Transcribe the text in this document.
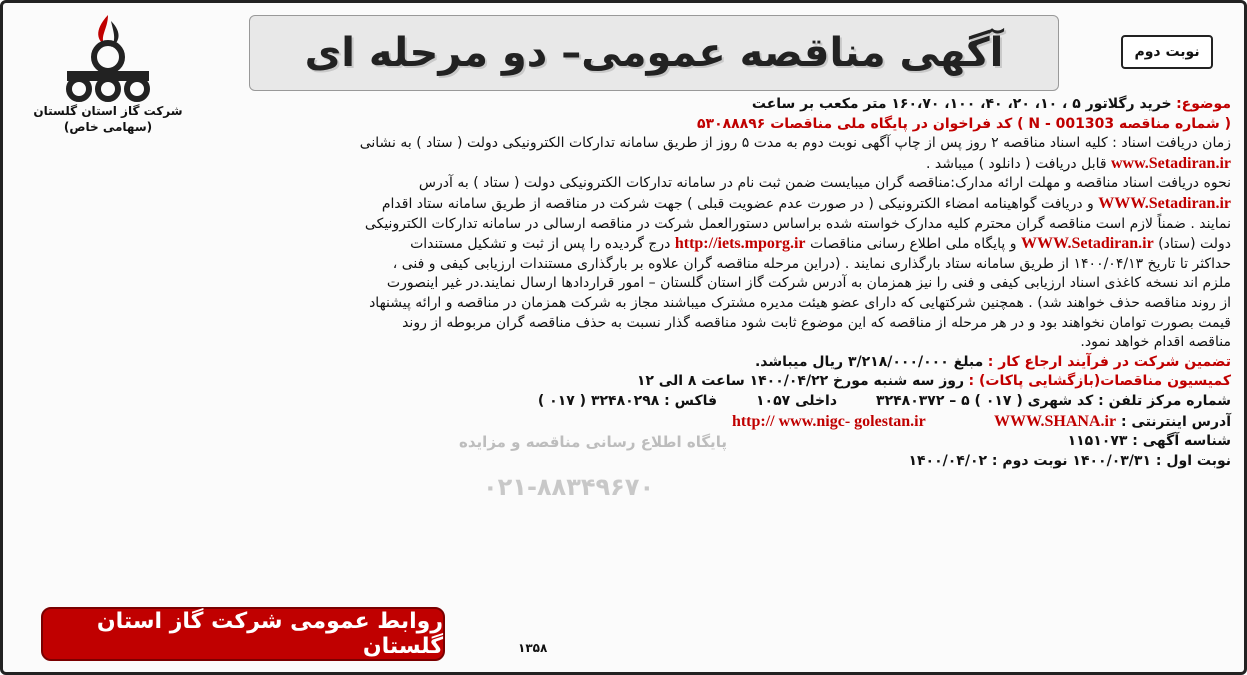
نوبت دوم
آگهی مناقصه عمومی– دو مرحله ای
شرکت گاز استان گلستان
(سهامی خاص)
پایگاه اطلاع رسانی مناقصه و مزایده
۰۲۱-۸۸۳۴۹۶۷۰

موضوع: خرید رگلاتور ۵ ، ۱۰، ۲۰، ۴۰، ۱۰۰، ۱۶۰،۷۰ متر مکعب بر ساعت

( شماره مناقصه N - 001303 ) کد فراخوان در پایگاه ملی مناقصات ۵۳۰۸۸۸۹۶

زمان دریافت اسناد : کلیه اسناد مناقصه ۲ روز پس از چاپ آگهی نوبت دوم به مدت ۵ روز از طریق سامانه تدارکات الکترونیکی دولت ( ستاد ) به نشانی

www.Setadiran.ir قابل دریافت ( دانلود ) میباشد .

نحوه دریافت اسناد مناقصه و مهلت ارائه مدارک:مناقصه گران میبایست ضمن ثبت نام در سامانه تدارکات الکترونیکی دولت ( ستاد ) به آدرس

WWW.Setadiran.ir و دریافت گواهینامه امضاء الکترونیکی ( در صورت عدم عضویت قبلی ) جهت شرکت در مناقصه از طریق سامانه ستاد اقدام

نمایند . ضمناً لازم است مناقصه گران محترم کلیه مدارک خواسته شده براساس دستورالعمل شرکت در مناقصه ارسالی در سامانه تدارکات الکترونیکی

دولت (ستاد) WWW.Setadiran.ir و پایگاه ملی اطلاع رسانی مناقصات http://iets.mporg.ir درج گردیده را پس از ثبت و تشکیل مستندات

حداکثر تا تاریخ ۱۴۰۰/۰۴/۱۳ از طریق سامانه ستاد بارگذاری نمایند . (دراین مرحله مناقصه گران علاوه بر بارگذاری مستندات ارزیابی کیفی و فنی ،

ملزم اند نسخه کاغذی اسناد ارزیابی کیفی و فنی را نیز همزمان به آدرس شرکت گاز استان گلستان – امور قراردادها ارسال نمایند.در غیر اینصورت

از روند مناقصه حذف خواهند شد) . همچنین شرکتهایی که دارای عضو هیئت مدیره مشترک میباشند مجاز به شرکت همزمان در مناقصه و ارائه پیشنهاد

قیمت بصورت توامان نخواهند بود و در هر مرحله از مناقصه که این موضوع ثابت شود مناقصه گذار نسبت به حذف مناقصه گران مربوطه از روند

مناقصه اقدام خواهد نمود.

تضمین شرکت در فرآیند ارجاع کار : مبلغ ۳/۲۱۸/۰۰۰/۰۰۰ ریال میباشد.

کمیسیون مناقصات(بازگشایی پاکات) : روز سه شنبه مورخ ۱۴۰۰/۰۴/۲۲ ساعت ۸ الی ۱۲

شماره مرکز تلفن : کد شهری ( ۰۱۷ ) ۵ – ۳۲۴۸۰۳۷۲        داخلی ۱۰۵۷        فاکس : ۳۲۴۸۰۲۹۸ ( ۰۱۷ )

آدرس اینترنتی : http:// www.nigc- golestan.ir	WWW.SHANA.ir

شناسه آگهی : ۱۱۵۱۰۷۳

نوبت اول : ۱۴۰۰/۰۳/۳۱ نوبت دوم : ۱۴۰۰/۰۴/۰۲

۱۳۵۸
روابط عمومی شرکت گاز استان گلستان
